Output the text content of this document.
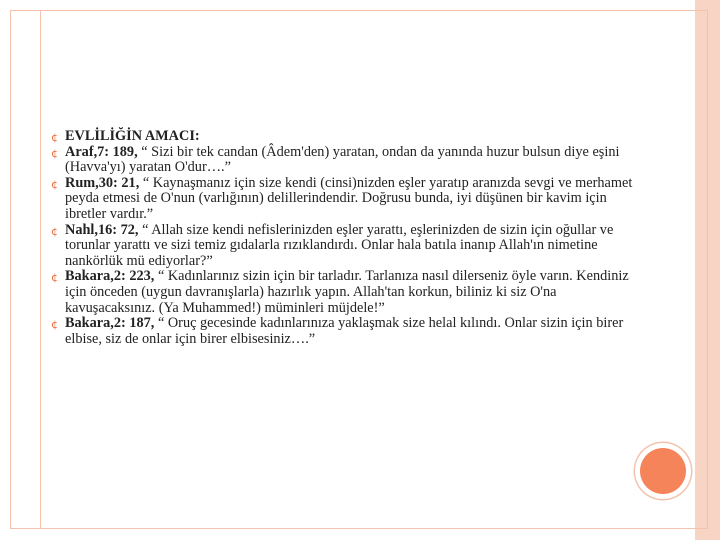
¢ EVLİLİĞİN AMACI:
¢ Araf,7: 189, “ Sizi bir tek candan (Âdem'den) yaratan, ondan da yanında huzur bulsun diye eşini (Havva'yı) yaratan O'dur….”
¢ Rum,30: 21, “ Kaynaşmanız için size kendi (cinsi)nizden eşler yaratıp aranızda sevgi ve merhamet peyda etmesi de O'nun (varlığının) delillerindendir. Doğrusu bunda, iyi düşünen bir kavim için ibretler vardır.”
¢ Nahl,16: 72, “ Allah size kendi nefislerinizden eşler yarattı, eşlerinizden de sizin için oğullar ve torunlar yarattı ve sizi temiz gıdalarla rızıklandırdı. Onlar hala batıla inanıp Allah'ın nimetine nankörlük mü ediyorlar?”
¢ Bakara,2: 223, “ Kadınlarınız sizin için bir tarladır. Tarlanıza nasıl dilerseniz öyle varın. Kendiniz için önceden (uygun davranışlarla) hazırlık yapın. Allah'tan korkun, biliniz ki siz O'na kavuşacaksınız. (Ya Muhammed!) müminleri müjdele!”
¢ Bakara,2: 187, “ Oruç gecesinde kadınlarınıza yaklaşmak size helal kılındı. Onlar sizin için birer elbise, siz de onlar için birer elbisesiniz….”
